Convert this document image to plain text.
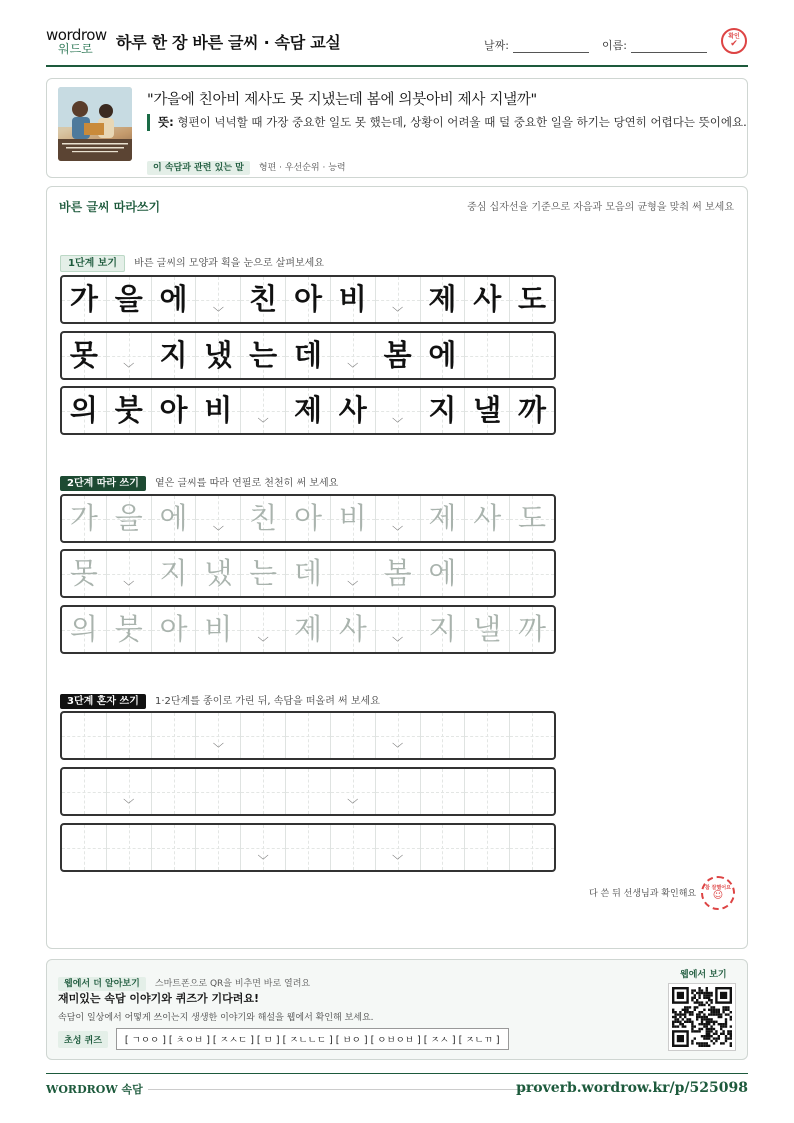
wordrow
워드로	하루 한 장 바른 글씨 · 속담 교실	날짜:	이름:
확인
✔
"가을에 친아비 제사도 못 지냈는데 봄에 의붓아비 제사 지낼까"
뜻: 형편이 넉넉할 때 가장 중요한 일도 못 했는데, 상황이 어려울 때 덜 중요한 일을 하기는 당연히 어렵다는 뜻이에요.
이 속담과 관련 있는 말 형편 · 우선순위 · 능력
바른 글씨 따라쓰기	중심 십자선을 기준으로 자음과 모음의 균형을 맞춰 써 보세요
1단계 보기 바른 글씨의 모양과 획을 눈으로 살펴보세요
가 을 에 ﹀ 친 아 비 ﹀ 제 사 도
못 ﹀ 지 냈 는 데 ﹀ 봄 에
의 붓 아 비 ﹀ 제 사 ﹀ 지 낼 까
2단계 따라 쓰기 옅은 글씨를 따라 연필로 천천히 써 보세요
가 을 에 ﹀ 친 아 비 ﹀ 제 사 도
못 ﹀ 지 냈 는 데 ﹀ 봄 에
의 붓 아 비 ﹀ 제 사 ﹀ 지 낼 까
3단계 혼자 쓰기 1·2단계를 종이로 가린 뒤, 속담을 떠올려 써 보세요
﹀	﹀
﹀	﹀
﹀	﹀
다 쓴 뒤 선생님과 확인해요
참 잘했어요
☺
웹에서 더 알아보기 스마트폰으로 QR을 비추면 바로 열려요
재미있는 속담 이야기와 퀴즈가 기다려요!
속담이 일상에서 어떻게 쓰이는지 생생한 이야기와 해설을 웹에서 확인해 보세요.
초성 퀴즈	[ ㄱㅇㅇ ] [ ㅊㅇㅂ ] [ ㅈㅅㄷ ] [ ㅁ ] [ ㅈㄴㄴㄷ ] [ ㅂㅇ ] [ ㅇㅂㅇㅂ ] [ ㅈㅅ ] [ ㅈㄴㄲ ]
웹에서 보기
WORDROW 속담	proverb.wordrow.kr/p/525098
